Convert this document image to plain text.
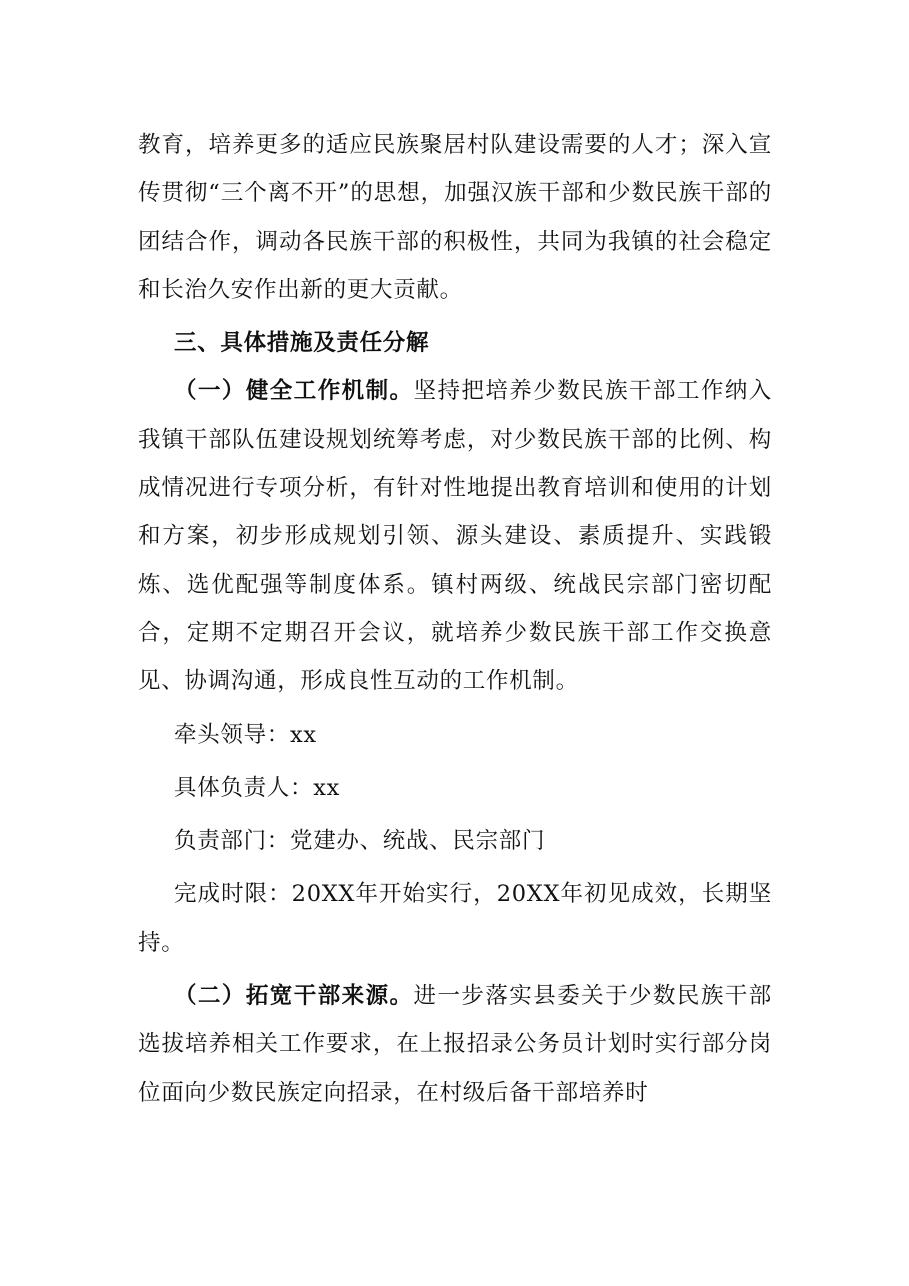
教育，培养更多的适应民族聚居村队建设需要的人才；深入宣传贯彻“三个离不开”的思想，加强汉族干部和少数民族干部的团结合作，调动各民族干部的积极性，共同为我镇的社会稳定和长治久安作出新的更大贡献。

三、具体措施及责任分解

（一）健全工作机制。坚持把培养少数民族干部工作纳入我镇干部队伍建设规划统筹考虑，对少数民族干部的比例、构成情况进行专项分析，有针对性地提出教育培训和使用的计划和方案，初步形成规划引领、源头建设、素质提升、实践锻炼、选优配强等制度体系。镇村两级、统战民宗部门密切配合，定期不定期召开会议，就培养少数民族干部工作交换意见、协调沟通，形成良性互动的工作机制。

牵头领导：xx

具体负责人：xx

负责部门：党建办、统战、民宗部门

完成时限：20XX年开始实行，20XX年初见成效，长期坚持。

（二）拓宽干部来源。进一步落实县委关于少数民族干部选拔培养相关工作要求，在上报招录公务员计划时实行部分岗位面向少数民族定向招录，在村级后备干部培养时
